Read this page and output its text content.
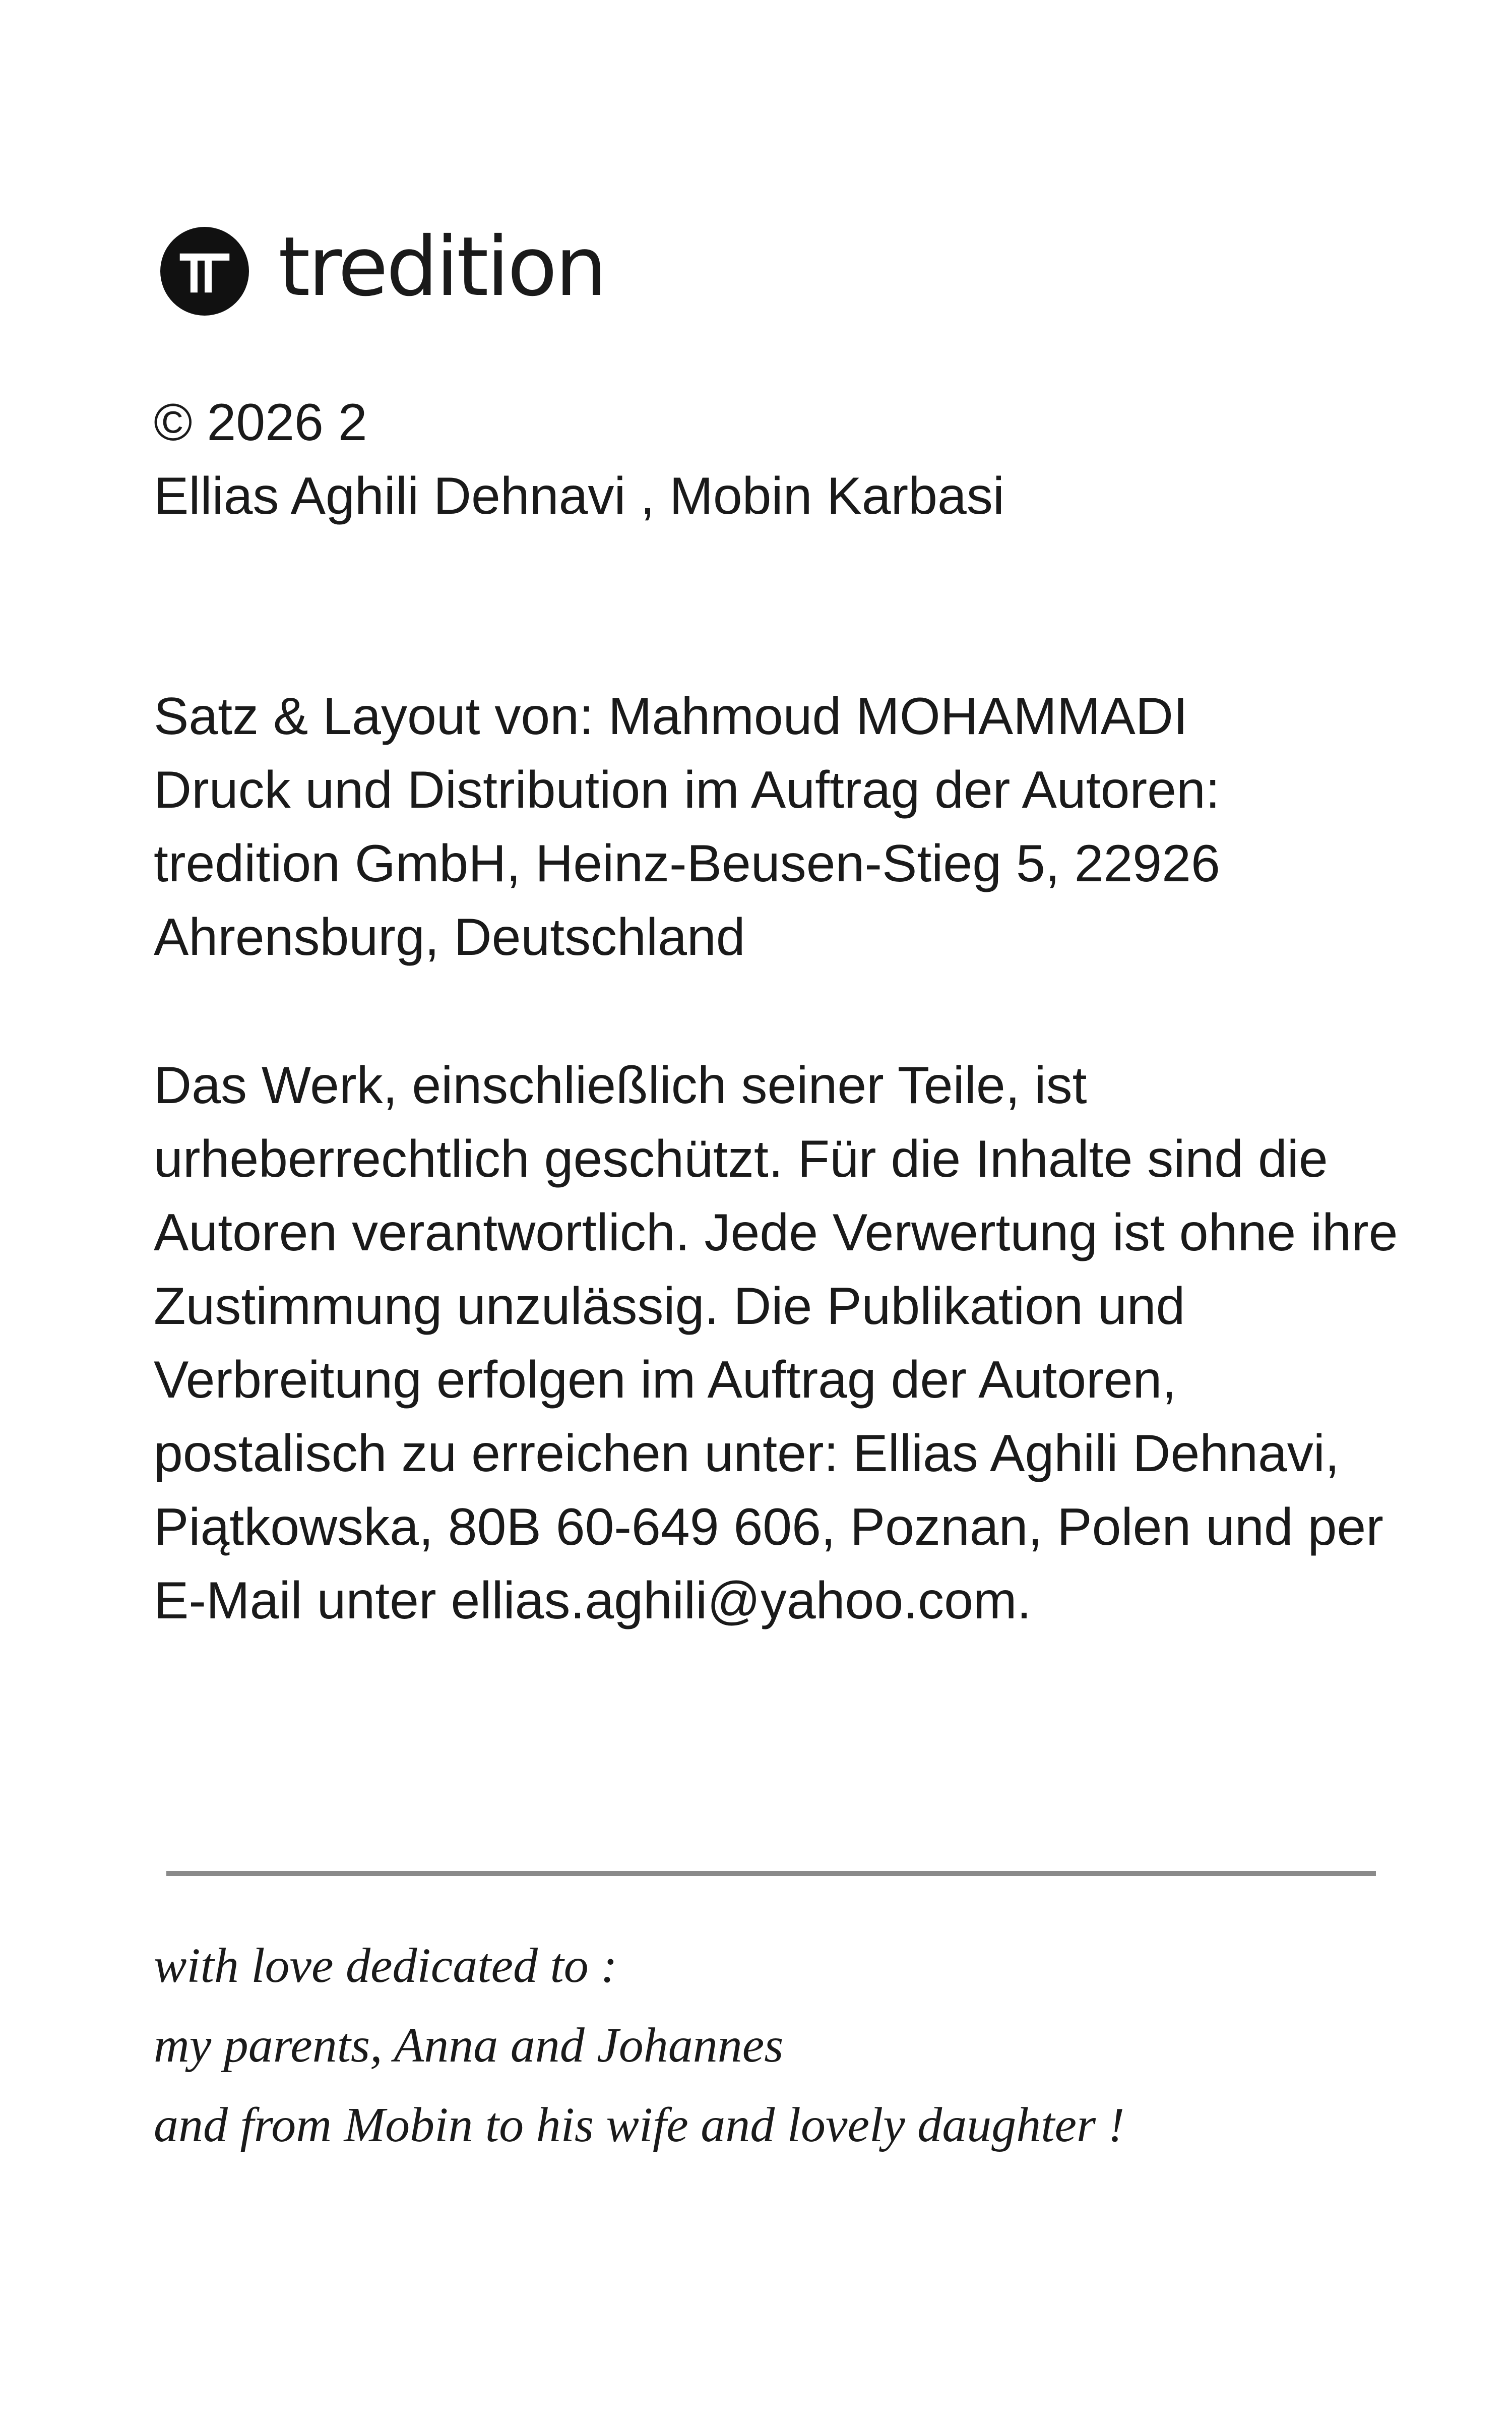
tredition
© 2026 2
Ellias Aghili Dehnavi , Mobin Karbasi
Satz & Layout von: Mahmoud MOHAMMADI
Druck und Distribution im Auftrag der Autoren:
tredition GmbH, Heinz-Beusen-Stieg 5, 22926
Ahrensburg, Deutschland
Das Werk, einschließlich seiner Teile, ist
urheberrechtlich geschützt. Für die Inhalte sind die
Autoren verantwortlich. Jede Verwertung ist ohne ihre
Zustimmung unzulässig. Die Publikation und
Verbreitung erfolgen im Auftrag der Autoren,
postalisch zu erreichen unter: Ellias Aghili Dehnavi,
Piątkowska, 80B 60-649 606, Poznan, Polen und per
E-Mail unter ellias.aghili@yahoo.com.
with love dedicated to :
my parents, Anna and Johannes
and from Mobin to his wife and lovely daughter !
